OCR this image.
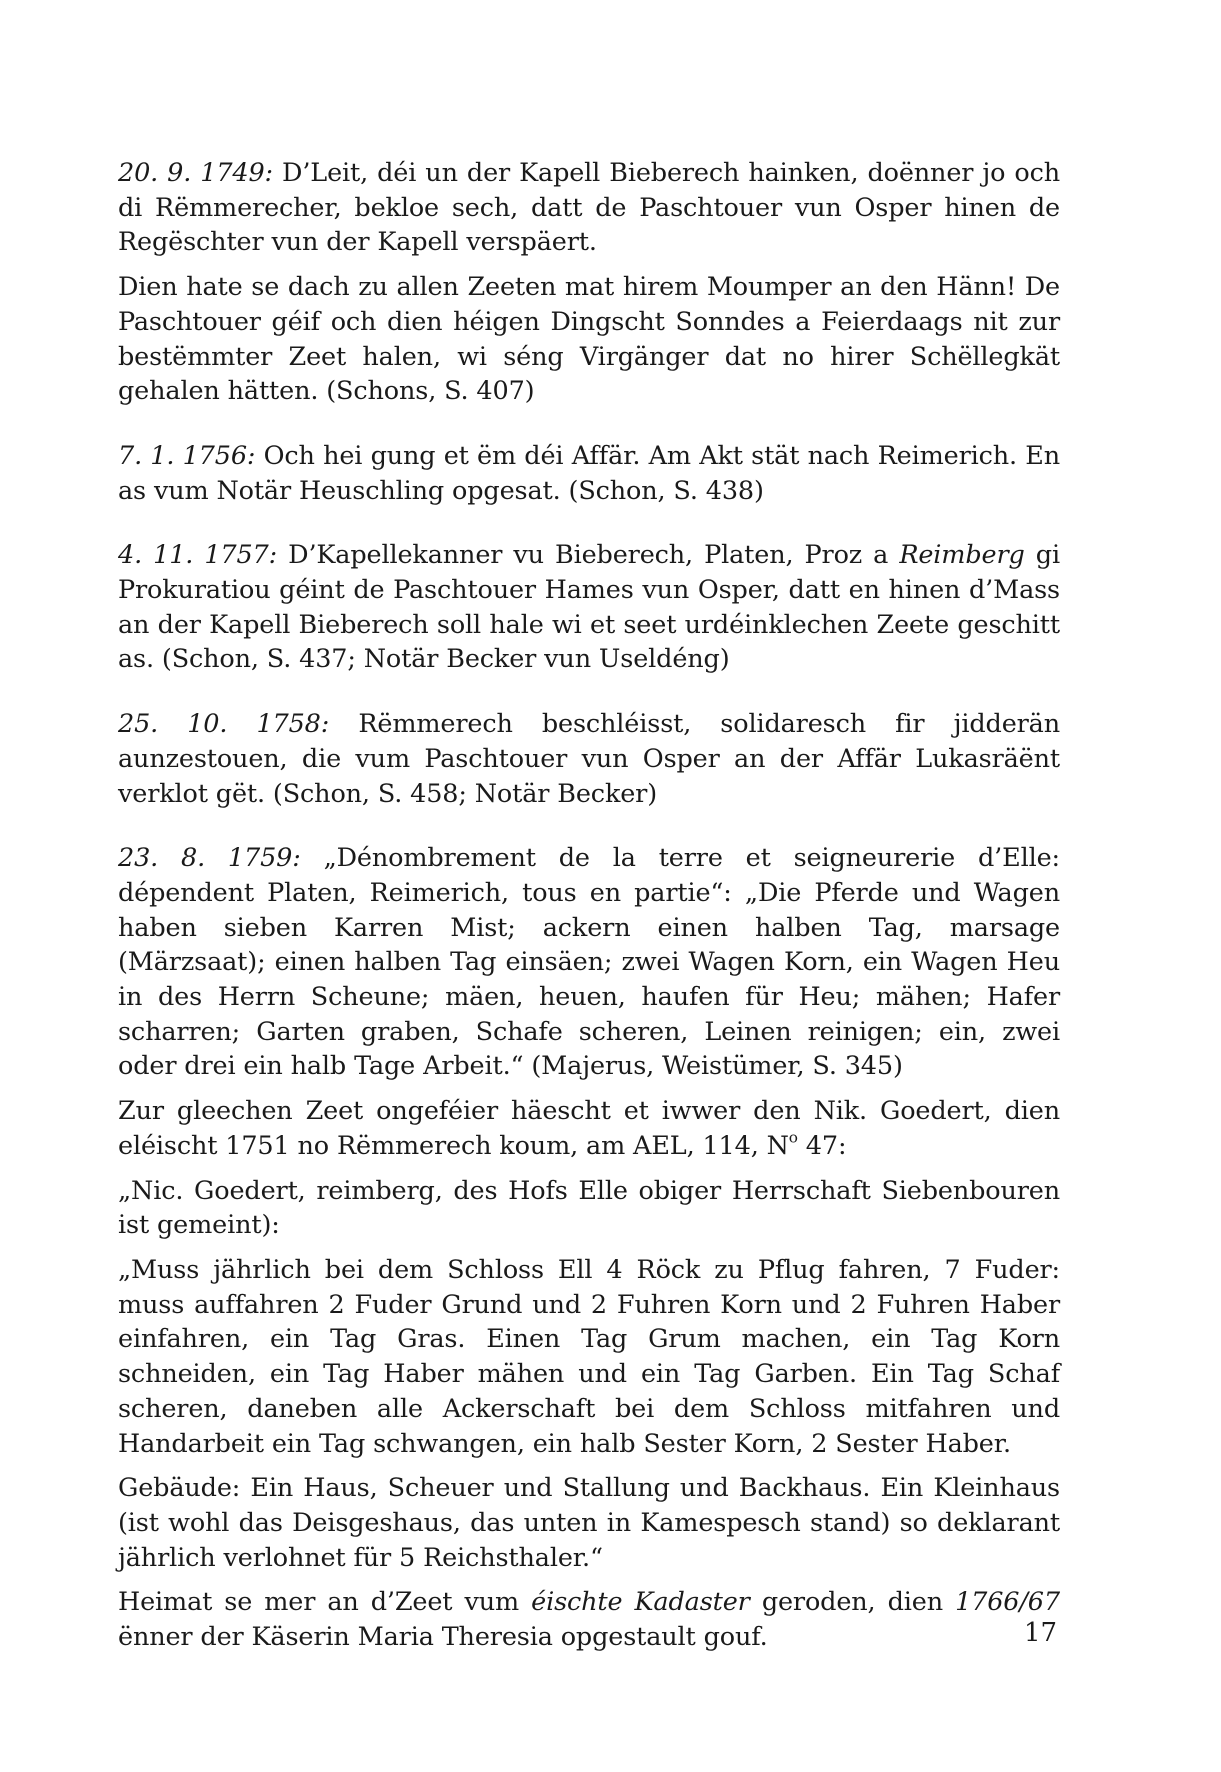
20. 9. 1749: D’Leit, déi un der Kapell Bieberech hainken, doënner jo och di Rëmmerecher, bekloe sech, datt de Paschtouer vun Osper hinen de Regëschter vun der Kapell verspäert.

Dien hate se dach zu allen Zeeten mat hirem Moumper an den Hänn! De Paschtouer géif och dien héigen Dingscht Sonndes a Feierdaags nit zur bestëmmter Zeet halen, wi séng Virgänger dat no hirer Schëllegkät gehalen hätten. (Schons, S. 407)

7. 1. 1756: Och hei gung et ëm déi Affär. Am Akt stät nach Reimerich. En as vum Notär Heuschling opgesat. (Schon, S. 438)

4. 11. 1757: D’Kapellekanner vu Bieberech, Platen, Proz a Reimberg gi Prokuratiou géint de Paschtouer Hames vun Osper, datt en hinen d’Mass an der Kapell Bieberech soll hale wi et seet urdéinklechen Zeete geschitt as. (Schon, S. 437; Notär Becker vun Useldéng)

25. 10. 1758: Rëmmerech beschléisst, solidaresch fir jidderän aunzestouen, die vum Paschtouer vun Osper an der Affär Lukasräënt verklot gët. (Schon, S. 458; Notär Becker)

23. 8. 1759: „Dénombrement de la terre et seigneurerie d’Elle: dépendent Platen, Reimerich, tous en partie“: „Die Pferde und Wagen haben sieben Karren Mist; ackern einen halben Tag, marsage (Märzsaat); einen halben Tag einsäen; zwei Wagen Korn, ein Wagen Heu in des Herrn Scheune; mäen, heuen, haufen für Heu; mähen; Hafer scharren; Garten graben, Schafe scheren, Leinen reinigen; ein, zwei oder drei ein halb Tage Arbeit.“ (Majerus, Weistümer, S. 345)

Zur gleechen Zeet ongeféier häescht et iwwer den Nik. Goedert, dien eléischt 1751 no Rëmmerech koum, am AEL, 114, $N^o$ 47:

„Nic. Goedert, reimberg, des Hofs Elle obiger Herrschaft Siebenbouren ist gemeint):

„Muss jährlich bei dem Schloss Ell 4 Röck zu Pflug fahren, 7 Fuder: muss auffahren 2 Fuder Grund und 2 Fuhren Korn und 2 Fuhren Haber einfahren, ein Tag Gras. Einen Tag Grum machen, ein Tag Korn schneiden, ein Tag Haber mähen und ein Tag Garben. Ein Tag Schaf scheren, daneben alle Ackerschaft bei dem Schloss mitfahren und Handarbeit ein Tag schwangen, ein halb Sester Korn, 2 Sester Haber.

Gebäude: Ein Haus, Scheuer und Stallung und Backhaus. Ein Kleinhaus (ist wohl das Deisgeshaus, das unten in Kamespesch stand) so deklarant jährlich verlohnet für 5 Reichsthaler.“

Heimat se mer an d’Zeet vum éischte Kadaster geroden, dien 1766/67 ënner der Käserin Maria Theresia opgestault gouf.	17
